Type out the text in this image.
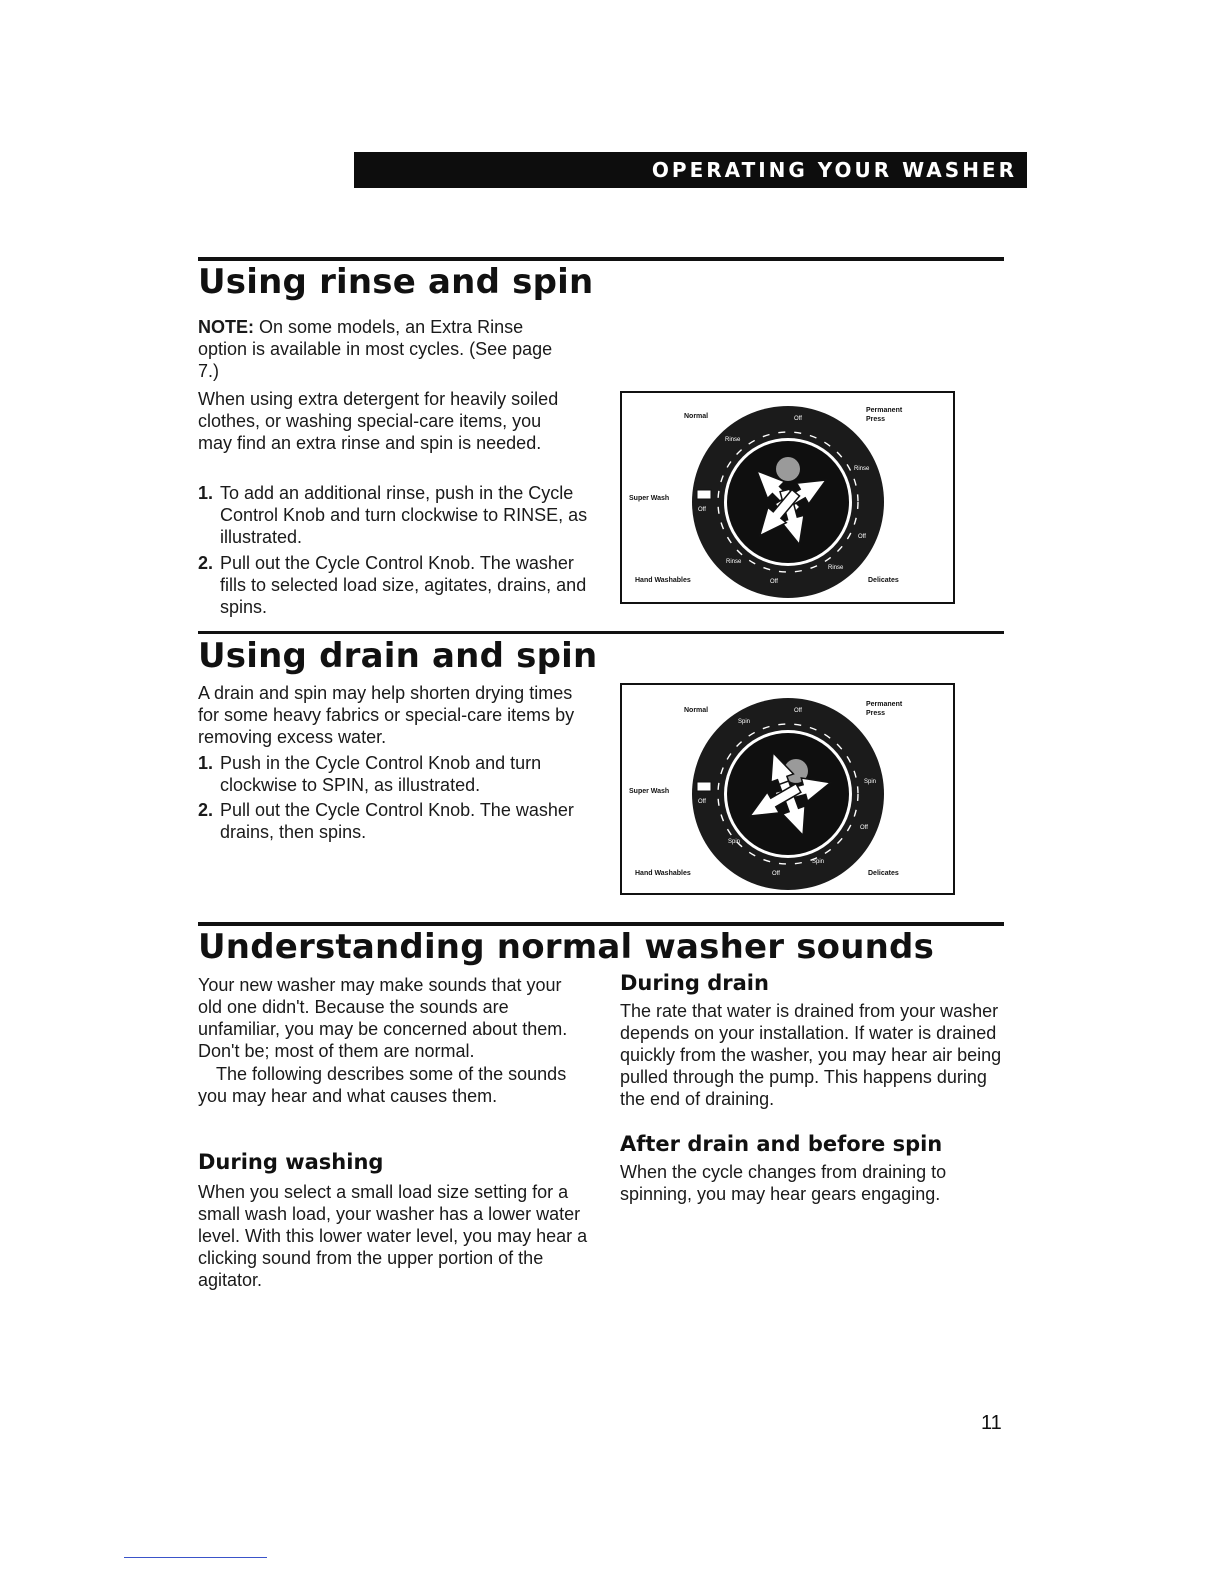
OPERATING YOUR WASHER
Using rinse and spin

NOTE: On some models, an Extra Rinse option is available in most cycles. (See page 7.)

When using extra detergent for heavily soiled clothes, or washing special-care items, you may find an extra rinse and spin is needed.

1. To add an additional rinse, push in the Cycle Control Knob and turn clockwise to RINSE, as illustrated.
2. Pull out the Cycle Control Knob. The washer fills to selected load size, agitates, drains, and spins.
Normal
Permanent
Press
Super Wash
Hand Washables	Delicates
Off
Rinse
Rinse
Off
Off
Rinse
Off
Rinse
Using drain and spin

A drain and spin may help shorten drying times for some heavy fabrics or special-care items by removing excess water.

1. Push in the Cycle Control Knob and turn clockwise to SPIN, as illustrated.
2. Pull out the Cycle Control Knob. The washer drains, then spins.
Normal
Permanent
Press
Super Wash
Hand Washables	Delicates
Off
Spin
Spin
Off
Off
Spin
Off
Spin
Understanding normal washer sounds

Your new washer may make sounds that your old one didn't. Because the sounds are unfamiliar, you may be concerned about them. Don't be; most of them are normal.

The following describes some of the sounds you may hear and what causes them.

During washing

When you select a small load size setting for a small wash load, your washer has a lower water level. With this lower water level, you may hear a clicking sound from the upper portion of the agitator.

During drain

The rate that water is drained from your washer depends on your installation. If water is drained quickly from the washer, you may hear air being pulled through the pump. This happens during the end of draining.

After drain and before spin

When the cycle changes from draining to spinning, you may hear gears engaging.

11
